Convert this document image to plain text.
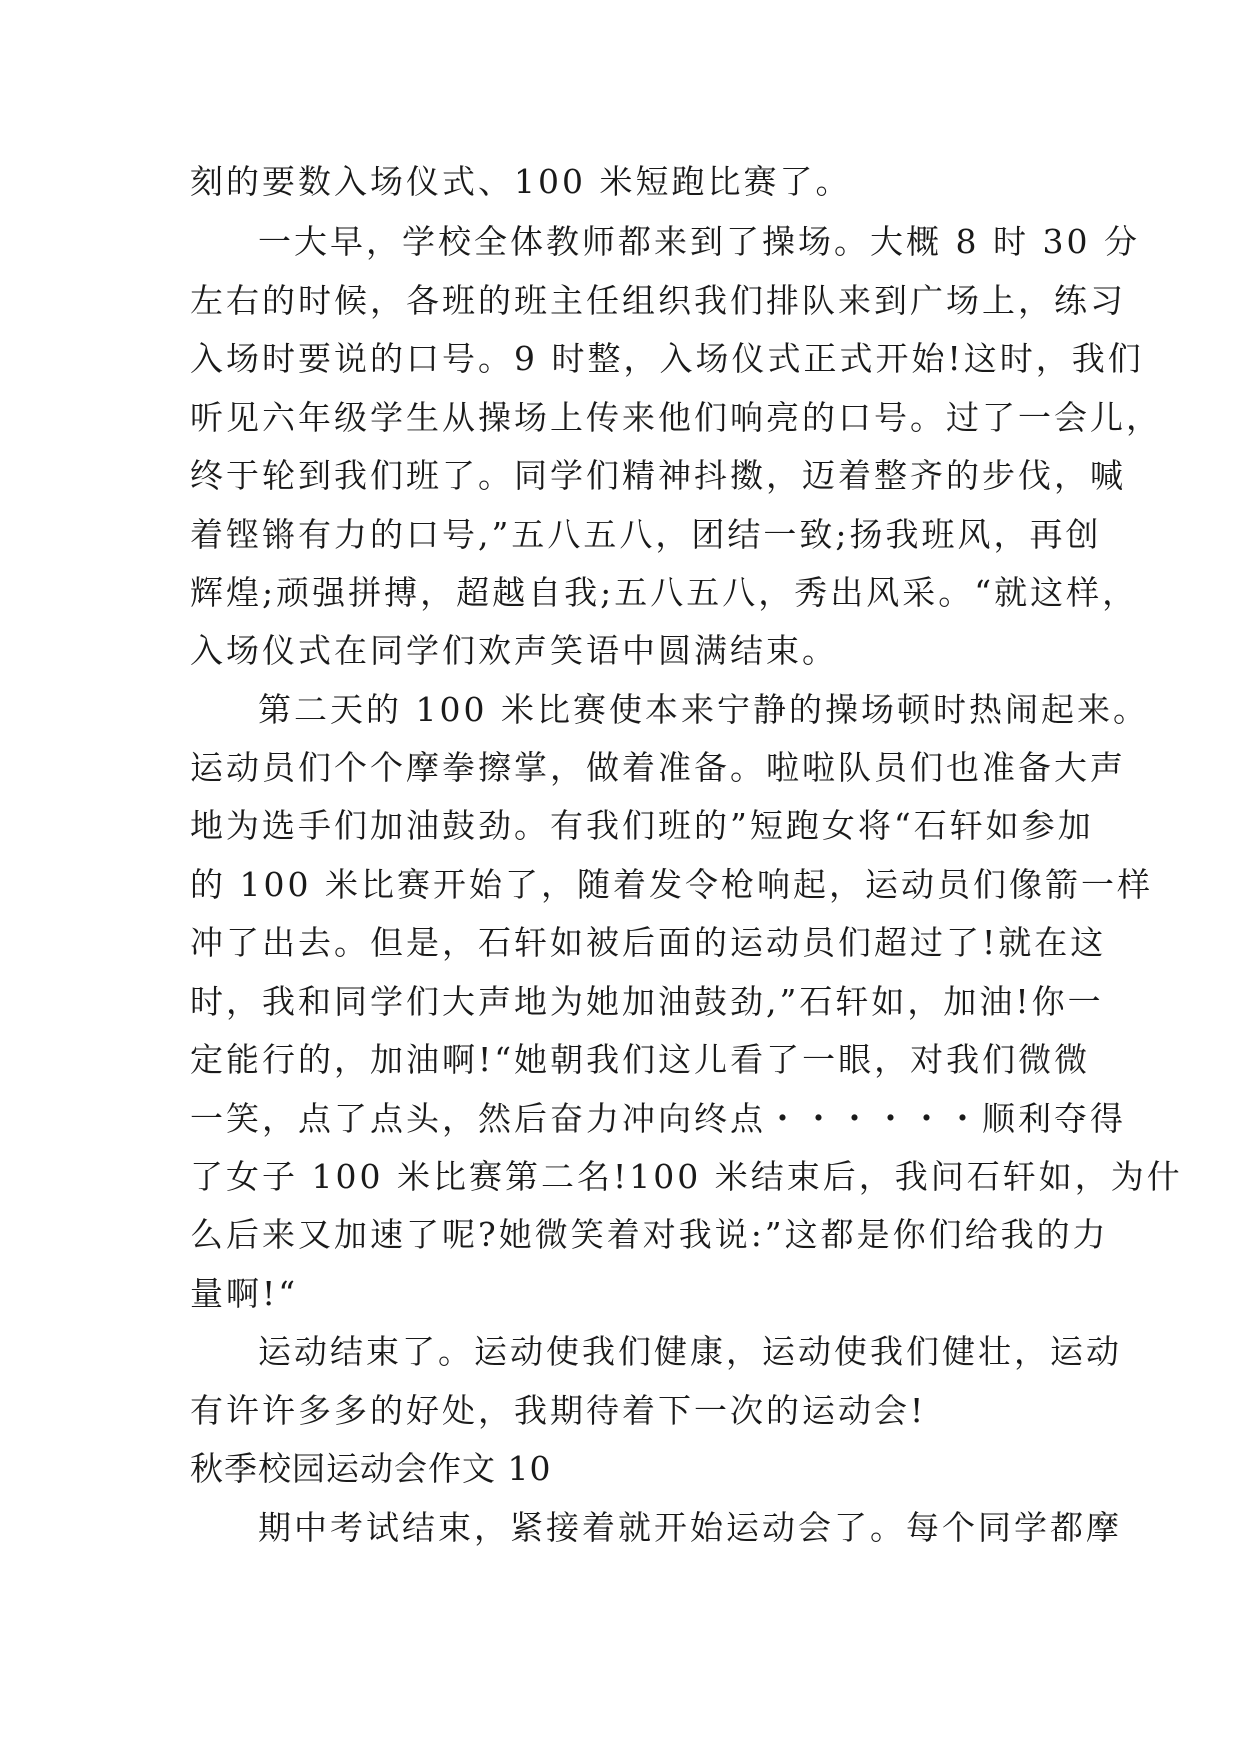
刻的要数入场仪式、100 米短跑比赛了。
一大早，学校全体教师都来到了操场。大概 8 时 30 分
左右的时候，各班的班主任组织我们排队来到广场上，练习
入场时要说的口号。9 时整，入场仪式正式开始!这时，我们
听见六年级学生从操场上传来他们响亮的口号。过了一会儿，
终于轮到我们班了。同学们精神抖擞，迈着整齐的步伐，喊
着铿锵有力的口号,”五八五八，团结一致;扬我班风，再创
辉煌;顽强拼搏，超越自我;五八五八，秀出风采。“就这样，
入场仪式在同学们欢声笑语中圆满结束。
第二天的 100 米比赛使本来宁静的操场顿时热闹起来。
运动员们个个摩拳擦掌，做着准备。啦啦队员们也准备大声
地为选手们加油鼓劲。有我们班的”短跑女将“石轩如参加
的 100 米比赛开始了，随着发令枪响起，运动员们像箭一样
冲了出去。但是，石轩如被后面的运动员们超过了!就在这
时，我和同学们大声地为她加油鼓劲,”石轩如，加油!你一
定能行的，加油啊!“她朝我们这儿看了一眼，对我们微微
一笑，点了点头，然后奋力冲向终点・・・・・・顺利夺得
了女子 100 米比赛第二名!100 米结束后，我问石轩如，为什
么后来又加速了呢?她微笑着对我说:”这都是你们给我的力
量啊!“
运动结束了。运动使我们健康，运动使我们健壮，运动
有许许多多的好处，我期待着下一次的运动会!
秋季校园运动会作文 10
期中考试结束，紧接着就开始运动会了。每个同学都摩
